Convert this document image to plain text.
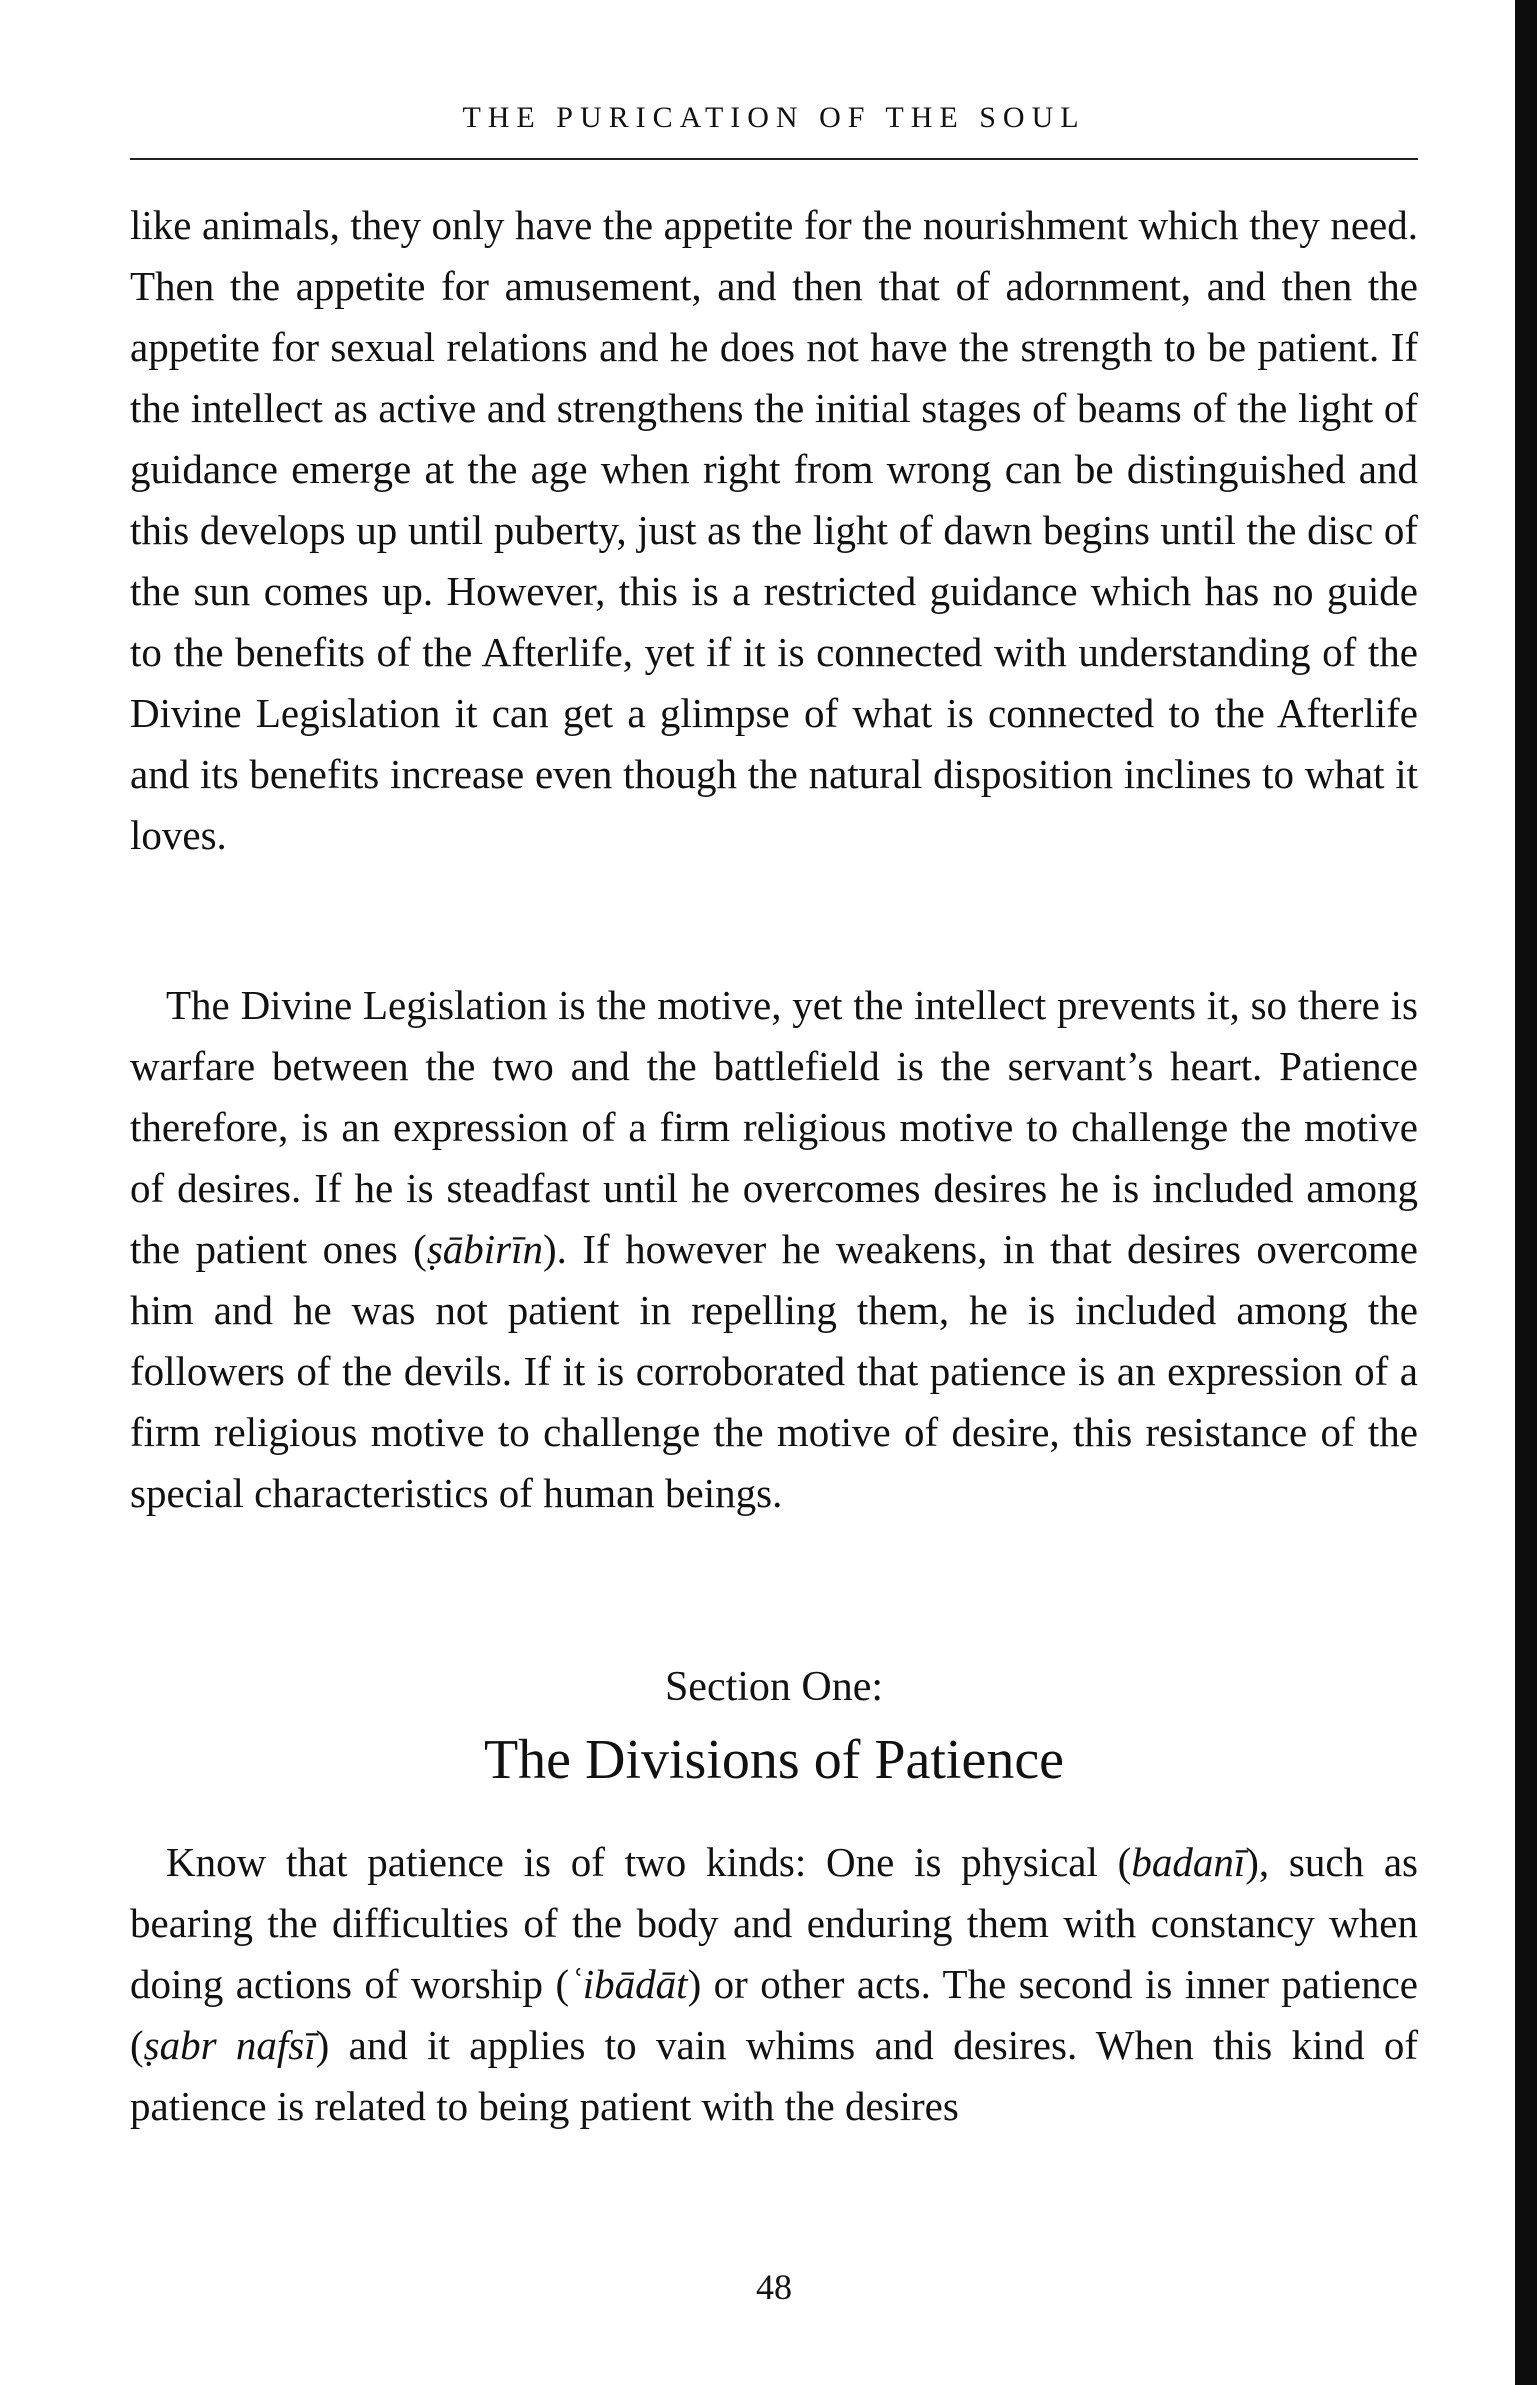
THE PURICATION OF THE SOUL

like animals, they only have the appetite for the nourishment which they need. Then the appetite for amusement, and then that of adornment, and then the appetite for sexual relations and he does not have the strength to be patient. If the intellect as active and strengthens the initial stages of beams of the light of guidance emerge at the age when right from wrong can be distinguished and this develops up until puberty, just as the light of dawn begins until the disc of the sun comes up. However, this is a restricted guidance which has no guide to the benefits of the Afterlife, yet if it is connected with understanding of the Divine Legislation it can get a glimpse of what is connected to the Afterlife and its benefits increase even though the natural disposition inclines to what it loves.

The Divine Legislation is the motive, yet the intellect prevents it, so there is warfare between the two and the battlefield is the servant’s heart. Patience therefore, is an expression of a firm religious motive to challenge the motive of desires. If he is steadfast until he overcomes desires he is included among the patient ones (ṣābirīn). If however he weakens, in that desires overcome him and he was not patient in repelling them, he is included among the followers of the devils. If it is corroborated that patience is an expression of a firm religious motive to challenge the motive of desire, this resistance of the special characteristics of human beings.

Section One:
The Divisions of Patience

Know that patience is of two kinds: One is physical (badanī), such as bearing the difficulties of the body and enduring them with constancy when doing actions of worship (ʿibādāt) or other acts. The second is inner patience (ṣabr nafsī) and it applies to vain whims and desires. When this kind of patience is related to being patient with the desires

48
